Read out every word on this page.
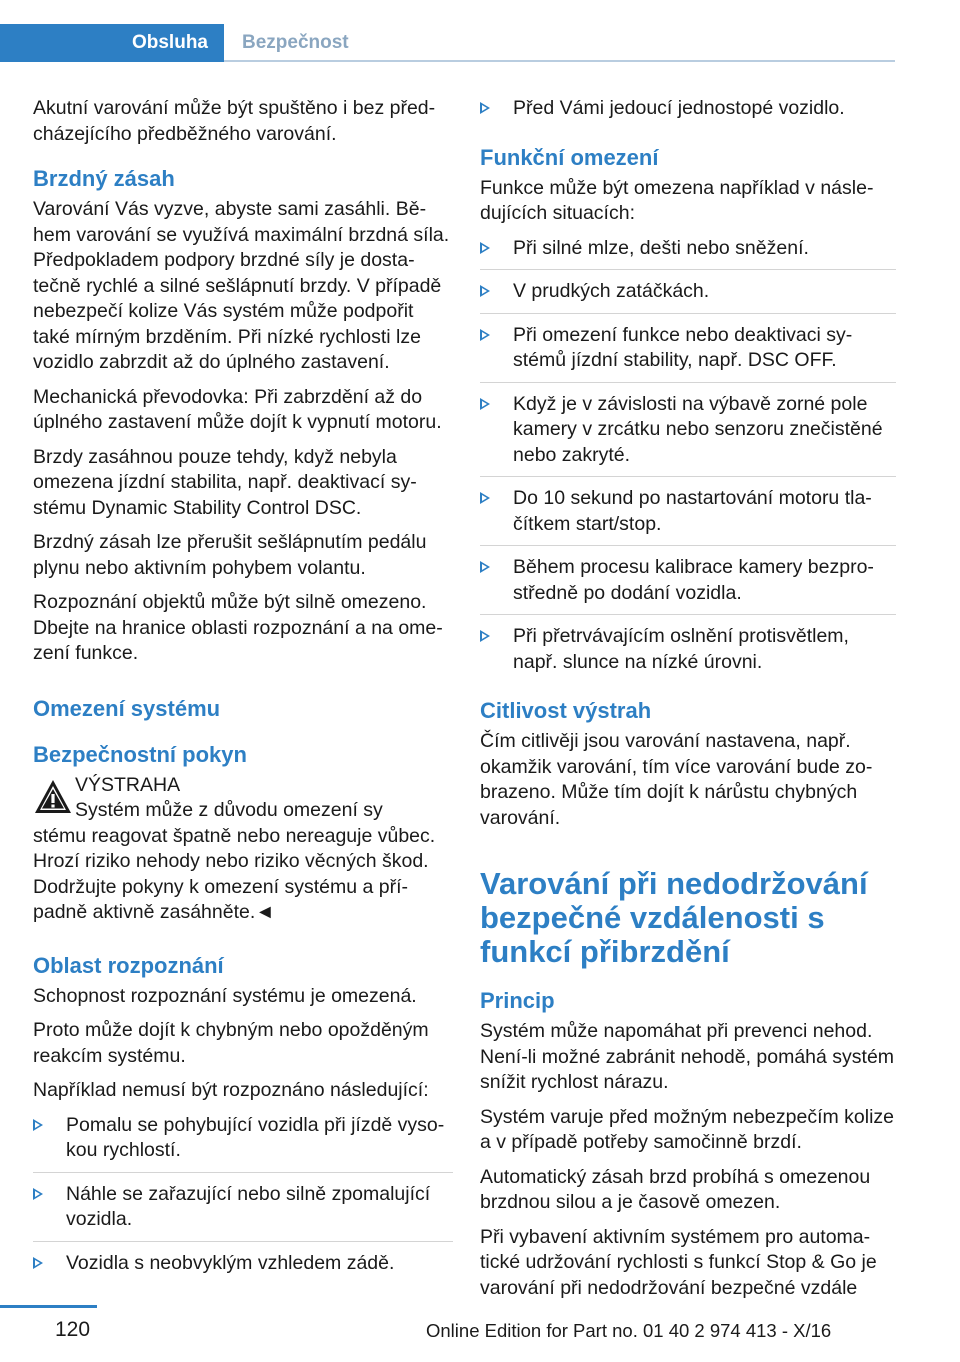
Obsluha	Bezpečnost

Akutní varování může být spuštěno i bez předcházejícího předběžného varování.

Brzdný zásah

Varování Vás vyzve, abyste sami zasáhli. Během varování se využívá maximální brzdná síla. Předpokladem podpory brzdné síly je dostatečně rychlé a silné sešlápnutí brzdy. V případě nebezpečí kolize Vás systém může podpořit také mírným brzděním. Při nízké rychlosti lze vozidlo zabrzdit až do úplného zastavení.

Mechanická převodovka: Při zabrzdění až do úplného zastavení může dojít k vypnutí motoru.

Brzdy zasáhnou pouze tehdy, když nebyla omezena jízdní stabilita, např. deaktivací systému Dynamic Stability Control DSC.

Brzdný zásah lze přerušit sešlápnutím pedálu plynu nebo aktivním pohybem volantu.

Rozpoznání objektů může být silně omezeno. Dbejte na hranice oblasti rozpoznání a na omezení funkce.

Omezení systému
Bezpečnostní pokyn
VÝSTRAHA
Systém může z důvodu omezení sy
stému reagovat špatně nebo nereaguje vůbec. Hrozí riziko nehody nebo riziko věcných škod. Dodržujte pokyny k omezení systému a případně aktivně zasáhněte.◄
Oblast rozpoznání

Schopnost rozpoznání systému je omezená.

Proto může dojít k chybným nebo opožděným reakcím systému.

Například nemusí být rozpoznáno následující:

Pomalu se pohybující vozidla při jízdě vysokou rychlostí.
Náhle se zařazující nebo silně zpomalující vozidla.
Vozidla s neobvyklým vzhledem zádě.
Před Vámi jedoucí jednostopé vozidlo.
Funkční omezení

Funkce může být omezena například v následujících situacích:

Při silné mlze, dešti nebo sněžení.
V prudkých zatáčkách.
Při omezení funkce nebo deaktivaci systémů jízdní stability, např. DSC OFF.
Když je v závislosti na výbavě zorné pole kamery v zrcátku nebo senzoru znečistěné nebo zakryté.
Do 10 sekund po nastartování motoru tlačítkem start/stop.
Během procesu kalibrace kamery bezprostředně po dodání vozidla.
Při přetrvávajícím oslnění protisvětlem, např. slunce na nízké úrovni.
Citlivost výstrah

Čím citlivěji jsou varování nastavena, např. okamžik varování, tím více varování bude zobrazeno. Může tím dojít k nárůstu chybných varování.

Varování při nedodržování bezpečné vzdálenosti s funkcí přibrzdění
Princip

Systém může napomáhat při prevenci nehod. Není-li možné zabránit nehodě, pomáhá systém snížit rychlost nárazu.

Systém varuje před možným nebezpečím kolize a v případě potřeby samočinně brzdí.

Automatický zásah brzd probíhá s omezenou brzdnou silou a je časově omezen.

Při vybavení aktivním systémem pro automatické udržování rychlosti s funkcí Stop & Go je varování při nedodržování bezpečné vzdále

120	Online Edition for Part no. 01 40 2 974 413 - X/16
